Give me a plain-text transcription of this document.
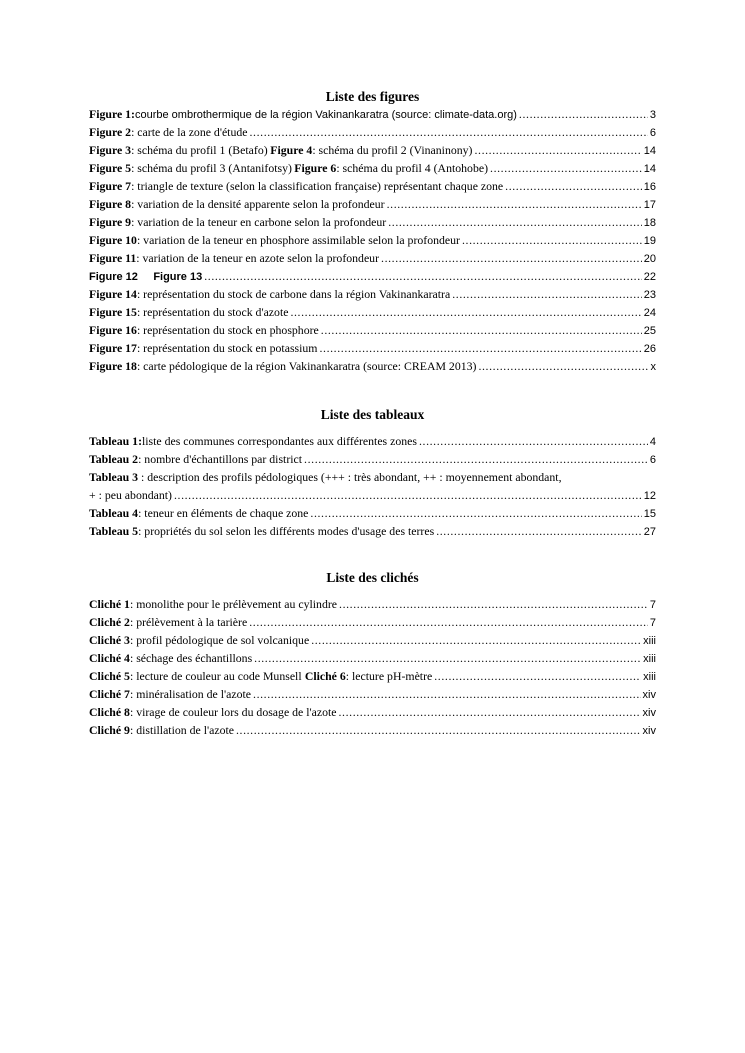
Liste des figures

Figure 1: courbe ombrothermique de la région Vakinankaratra (source: climate-data.org) .....	3
Figure 2 : carte de la zone d'étude .....	6
Figure 3 : schéma du profil 1 (Betafo) Figure 4 : schéma du profil 2 (Vinaninony) .....	14
Figure 5 : schéma du profil 3 (Antanifotsy) Figure 6 : schéma du profil 4 (Antohobe) .....	14
Figure 7 : triangle de texture (selon la classification française) représentant chaque zone .....	16
Figure 8 : variation de la densité apparente selon la profondeur .....	17
Figure 9 : variation de la teneur en carbone selon la profondeur .....	18
Figure 10 : variation de la teneur en phosphore assimilable selon la profondeur .....	19
Figure 11 : variation de la teneur en azote selon la profondeur .....	20
Figure 12 Figure 13 .....	22
Figure 14 : représentation du stock de carbone dans la région Vakinankaratra .....	23
Figure 15 : représentation du stock d'azote .....	24
Figure 16 : représentation du stock en phosphore .....	25
Figure 17 : représentation du stock en potassium .....	26
Figure 18 : carte pédologique de la région Vakinankaratra (source: CREAM 2013) .....	x

Liste des tableaux

Tableau 1: liste des communes correspondantes aux différentes zones .....	4
Tableau 2 : nombre d'échantillons par district .....	6
Tableau 3 : description des profils pédologiques (+++ : très abondant, ++ : moyennement abondant,
+ : peu abondant) .....	12
Tableau 4 : teneur en éléments de chaque zone .....	15
Tableau 5 : propriétés du sol selon les différents modes d'usage des terres .....	27

Liste des clichés

Cliché 1 : monolithe pour le prélèvement au cylindre .....	7
Cliché 2 : prélèvement à la tarière .....	7
Cliché 3 : profil pédologique de sol volcanique .....	xiii
Cliché 4 : séchage des échantillons .....	xiii
Cliché 5 : lecture de couleur au code Munsell Cliché 6 : lecture pH-mètre .....	xiii
Cliché 7 : minéralisation de l'azote .....	xiv
Cliché 8 : virage de couleur lors du dosage de l'azote .....	xiv
Cliché 9 : distillation de l'azote .....	xiv
